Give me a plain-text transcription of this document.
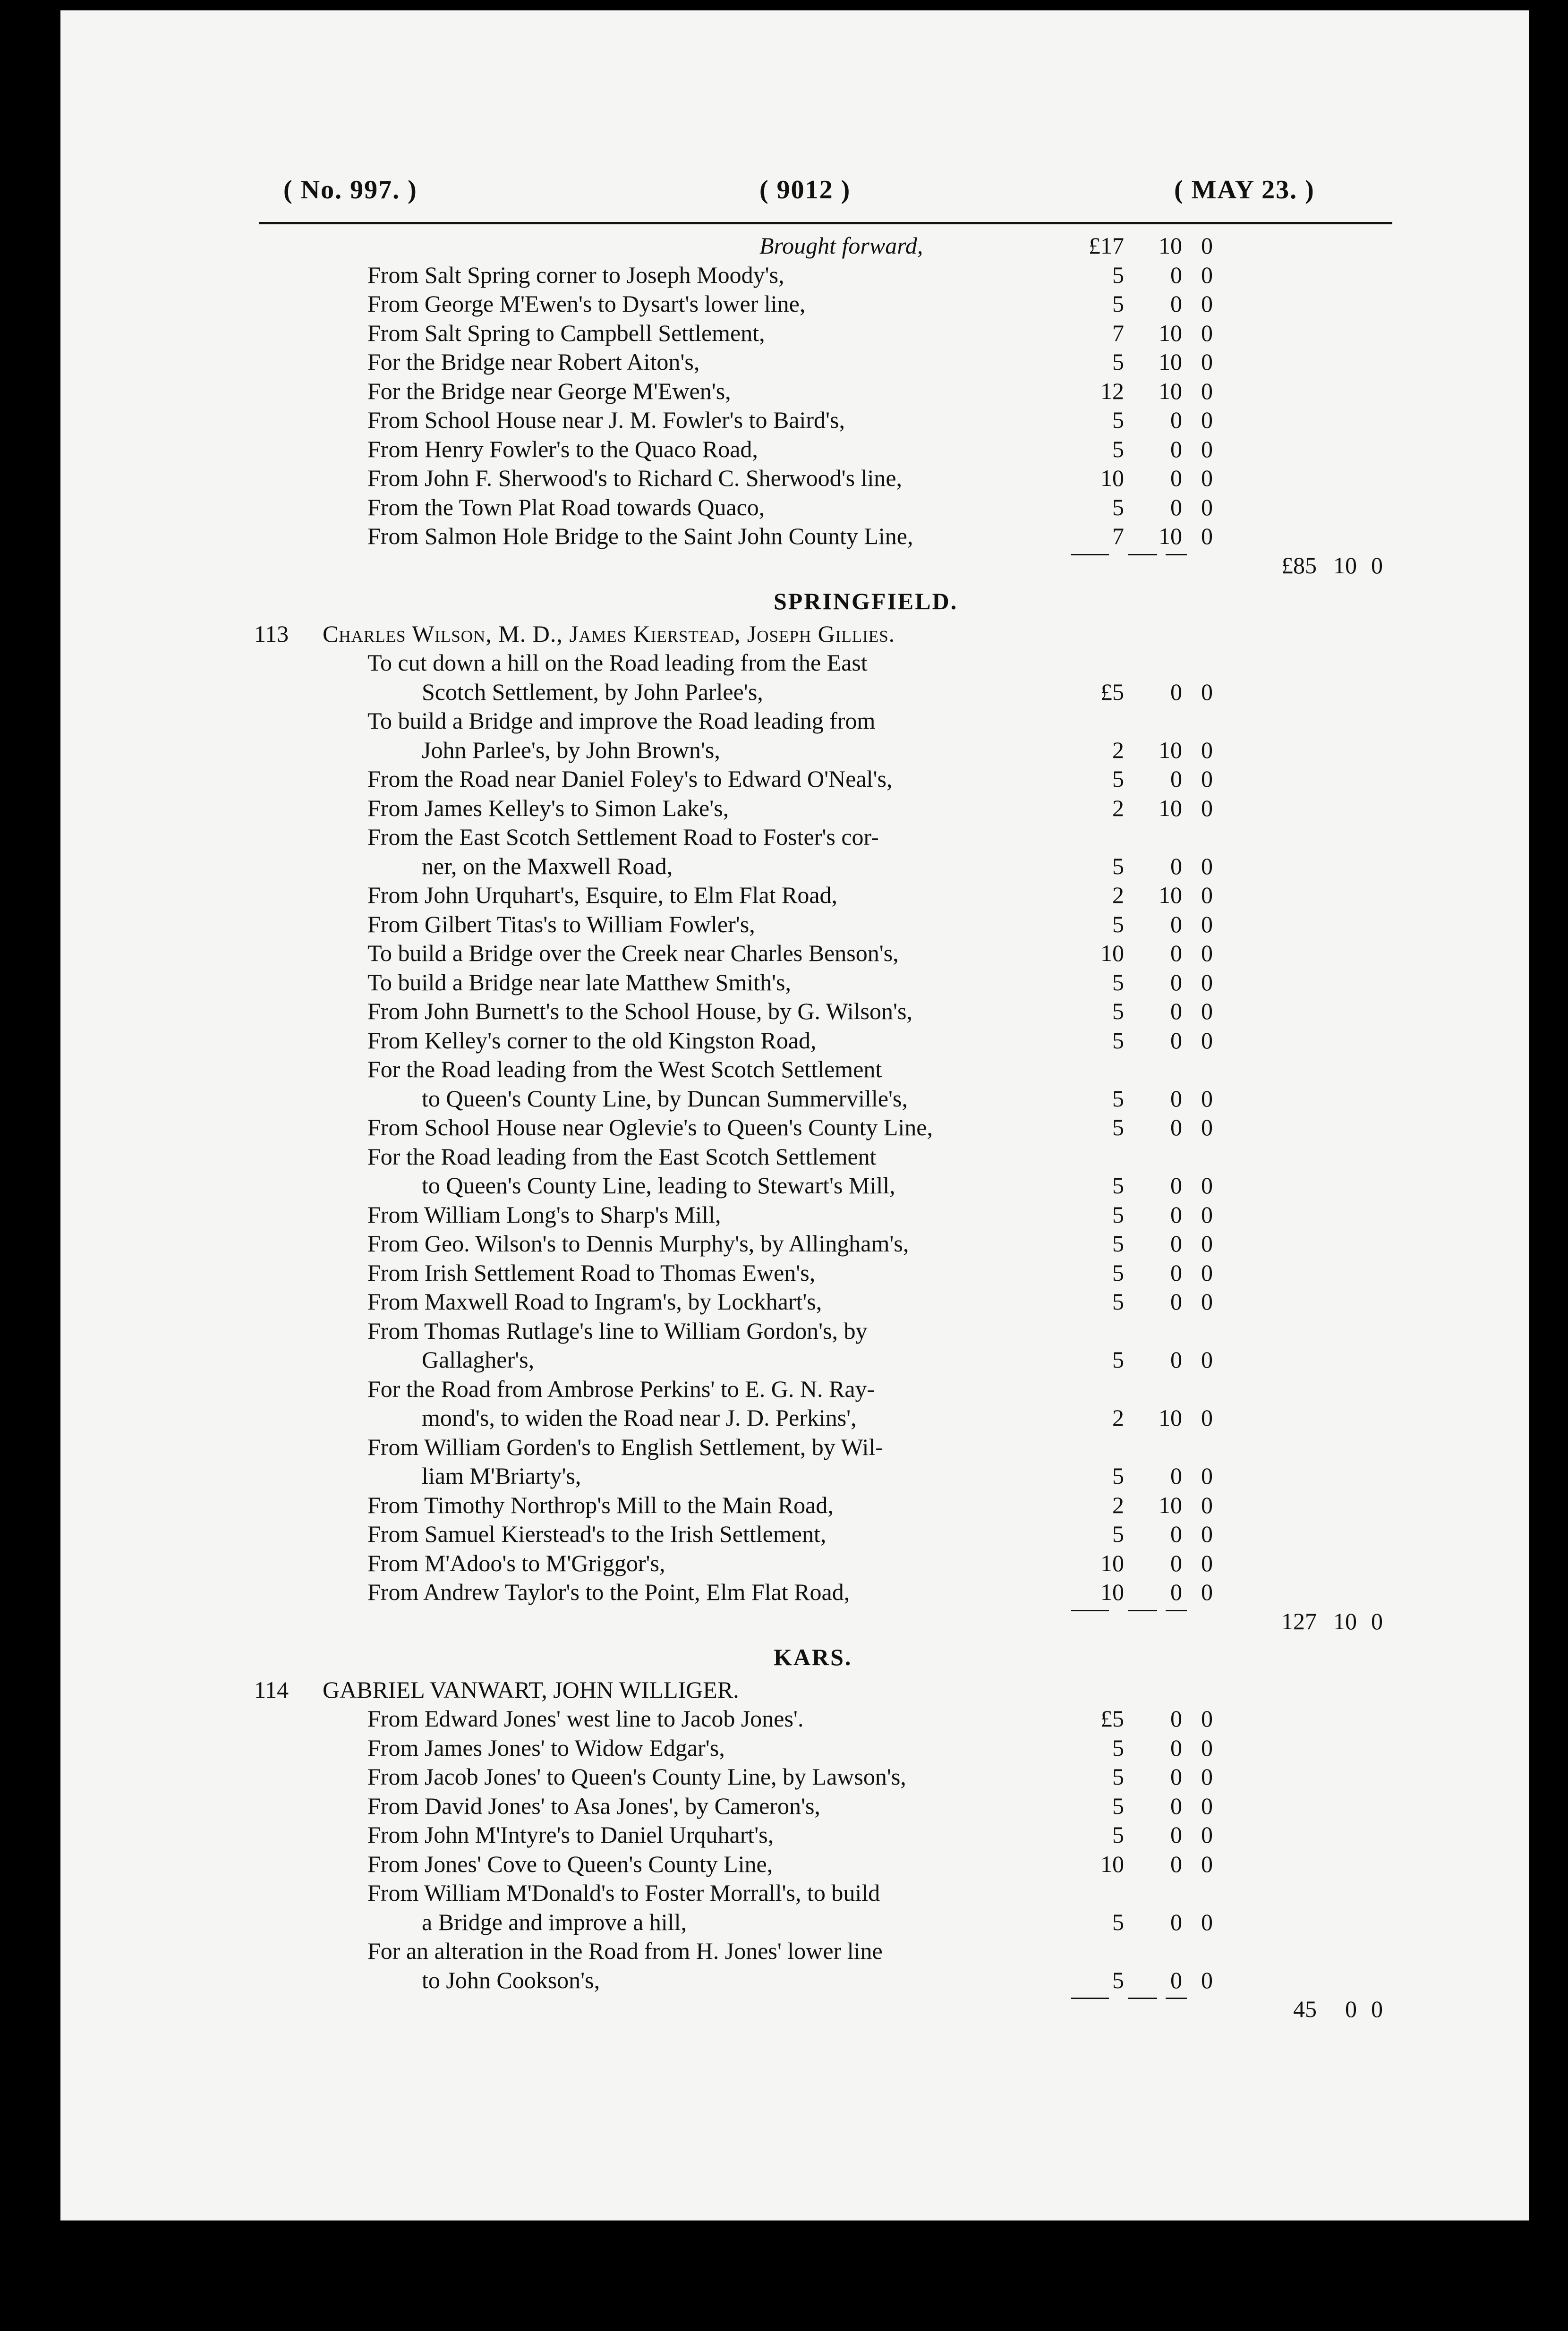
( No. 997. )	( 9012 )	( MAY 23. )
Brought forward,	£17 10 0
From Salt Spring corner to Joseph Moody's,	5 0 0
From George M'Ewen's to Dysart's lower line,	5 0 0
From Salt Spring to Campbell Settlement,	7 10 0
For the Bridge near Robert Aiton's,	5 10 0
For the Bridge near George M'Ewen's,	12 10 0
From School House near J. M. Fowler's to Baird's,	5 0 0
From Henry Fowler's to the Quaco Road,	5 0 0
From John F. Sherwood's to Richard C. Sherwood's line,	10 0 0
From the Town Plat Road towards Quaco,	5 0 0
From Salmon Hole Bridge to the Saint John County Line,	7 10 0
£85 10 0
SPRINGFIELD.
113 Charles Wilson, M. D., James Kierstead, Joseph Gillies.
To cut down a hill on the Road leading from the East
Scotch Settlement, by John Parlee's,	£5 0 0
To build a Bridge and improve the Road leading from
John Parlee's, by John Brown's,	2 10 0
From the Road near Daniel Foley's to Edward O'Neal's,	5 0 0
From James Kelley's to Simon Lake's,	2 10 0
From the East Scotch Settlement Road to Foster's cor-
ner, on the Maxwell Road,	5 0 0
From John Urquhart's, Esquire, to Elm Flat Road,	2 10 0
From Gilbert Titas's to William Fowler's,	5 0 0
To build a Bridge over the Creek near Charles Benson's,	10 0 0
To build a Bridge near late Matthew Smith's,	5 0 0
From John Burnett's to the School House, by G. Wilson's,	5 0 0
From Kelley's corner to the old Kingston Road,	5 0 0
For the Road leading from the West Scotch Settlement
to Queen's County Line, by Duncan Summerville's,	5 0 0
From School House near Oglevie's to Queen's County Line,	5 0 0
For the Road leading from the East Scotch Settlement
to Queen's County Line, leading to Stewart's Mill,	5 0 0
From William Long's to Sharp's Mill,	5 0 0
From Geo. Wilson's to Dennis Murphy's, by Allingham's,	5 0 0
From Irish Settlement Road to Thomas Ewen's,	5 0 0
From Maxwell Road to Ingram's, by Lockhart's,	5 0 0
From Thomas Rutlage's line to William Gordon's, by
Gallagher's,	5 0 0
For the Road from Ambrose Perkins' to E. G. N. Ray-
mond's, to widen the Road near J. D. Perkins',	2 10 0
From William Gorden's to English Settlement, by Wil-
liam M'Briarty's,	5 0 0
From Timothy Northrop's Mill to the Main Road,	2 10 0
From Samuel Kierstead's to the Irish Settlement,	5 0 0
From M'Adoo's to M'Griggor's,	10 0 0
From Andrew Taylor's to the Point, Elm Flat Road,	10 0 0
127 10 0
KARS.
114 GABRIEL VANWART, JOHN WILLIGER.
From Edward Jones' west line to Jacob Jones'.	£5 0 0
From James Jones' to Widow Edgar's,	5 0 0
From Jacob Jones' to Queen's County Line, by Lawson's,	5 0 0
From David Jones' to Asa Jones', by Cameron's,	5 0 0
From John M'Intyre's to Daniel Urquhart's,	5 0 0
From Jones' Cove to Queen's County Line,	10 0 0
From William M'Donald's to Foster Morrall's, to build
a Bridge and improve a hill,	5 0 0
For an alteration in the Road from H. Jones' lower line
to John Cookson's,	5 0 0
45 0 0
